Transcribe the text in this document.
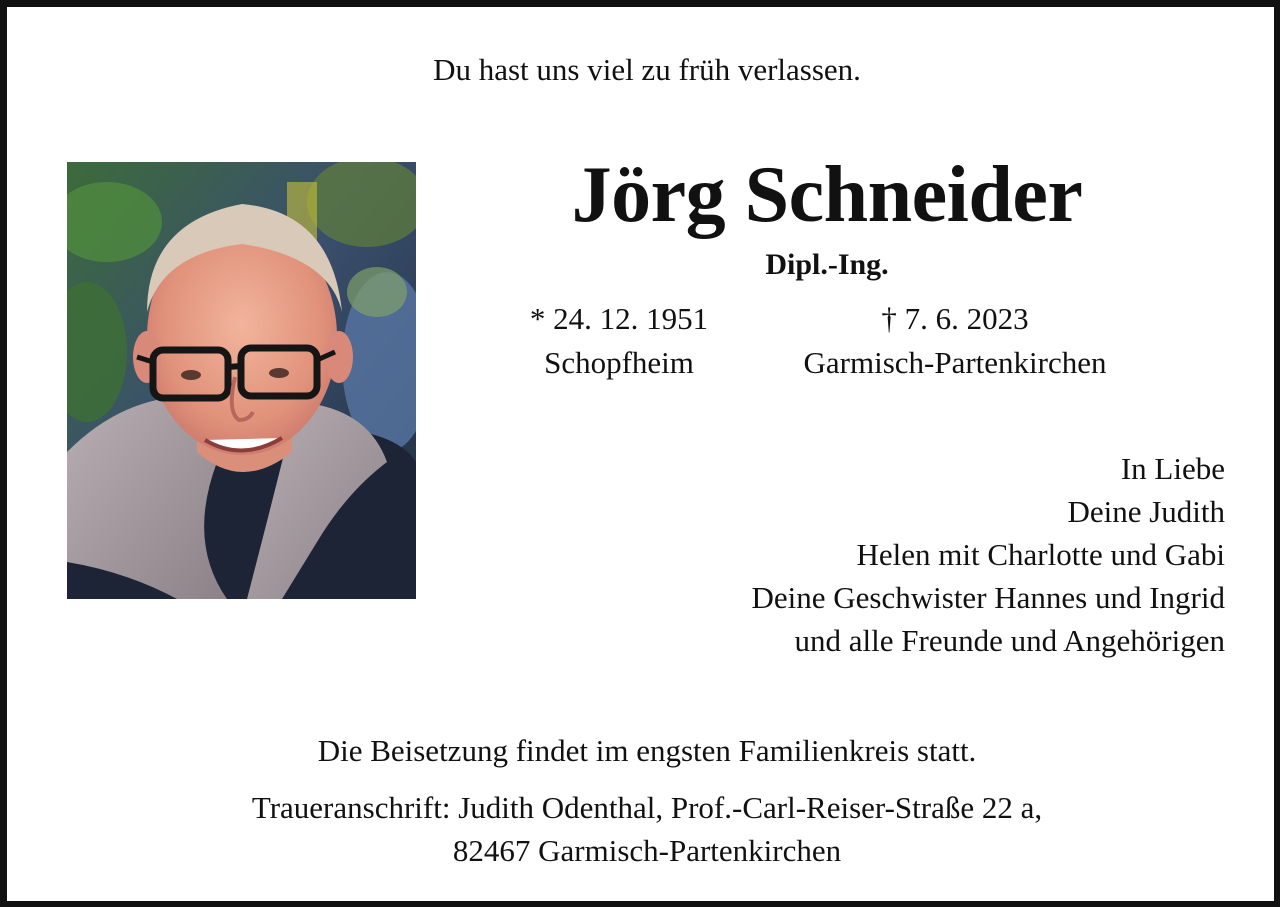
Du hast uns viel zu früh verlassen.
Jörg Schneider
Dipl.-Ing.
* 24. 12. 1951	† 7. 6. 2023
Schopfheim	Garmisch-Partenkirchen
In Liebe
Deine Judith
Helen mit Charlotte und Gabi
Deine Geschwister Hannes und Ingrid
und alle Freunde und Angehörigen
Die Beisetzung findet im engsten Familienkreis statt.
Traueranschrift: Judith Odenthal, Prof.-Carl-Reiser-Straße 22 a,
82467 Garmisch-Partenkirchen
